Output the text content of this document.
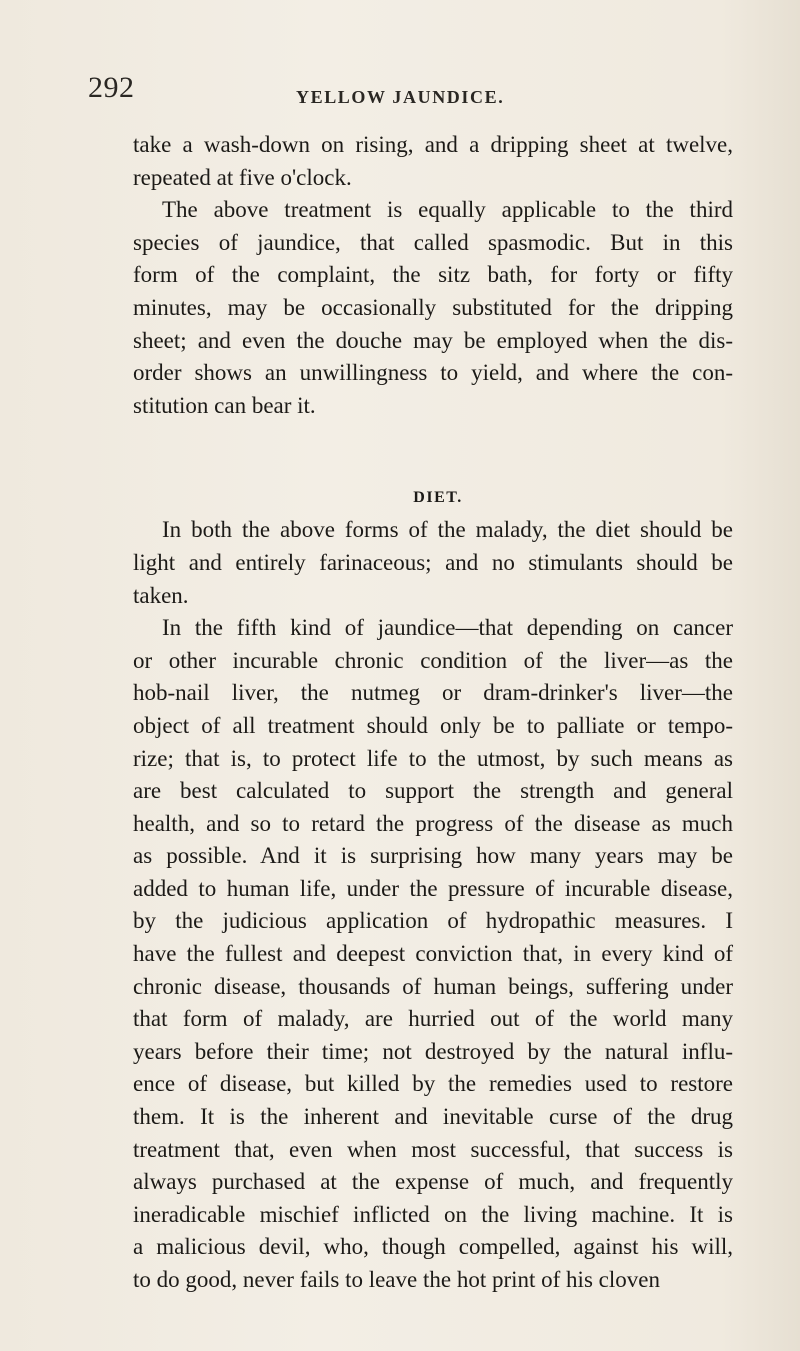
292	YELLOW JAUNDICE.
take a wash-down on rising, and a dripping sheet at twelve,
repeated at five o'clock.
The above treatment is equally applicable to the third
species of jaundice, that called spasmodic. But in this
form of the complaint, the sitz bath, for forty or fifty
minutes, may be occasionally substituted for the dripping
sheet; and even the douche may be employed when the dis-
order shows an unwillingness to yield, and where the con-
stitution can bear it.
DIET.
In both the above forms of the malady, the diet should be
light and entirely farinaceous; and no stimulants should be
taken.
In the fifth kind of jaundice—that depending on cancer
or other incurable chronic condition of the liver—as the
hob-nail liver, the nutmeg or dram-drinker's liver—the
object of all treatment should only be to palliate or tempo-
rize; that is, to protect life to the utmost, by such means as
are best calculated to support the strength and general
health, and so to retard the progress of the disease as much
as possible. And it is surprising how many years may be
added to human life, under the pressure of incurable disease,
by the judicious application of hydropathic measures. I
have the fullest and deepest conviction that, in every kind of
chronic disease, thousands of human beings, suffering under
that form of malady, are hurried out of the world many
years before their time; not destroyed by the natural influ-
ence of disease, but killed by the remedies used to restore
them. It is the inherent and inevitable curse of the drug
treatment that, even when most successful, that success is
always purchased at the expense of much, and frequently
ineradicable mischief inflicted on the living machine. It is
a malicious devil, who, though compelled, against his will,
to do good, never fails to leave the hot print of his cloven
